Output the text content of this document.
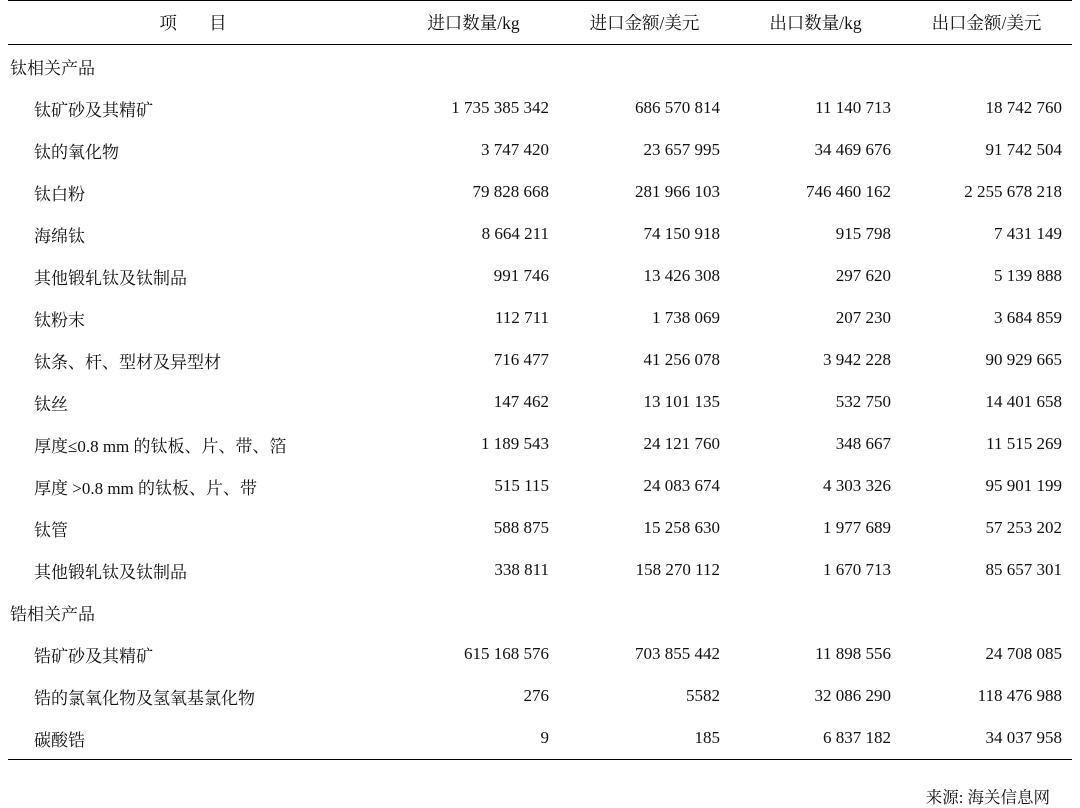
项 目	进口数量/kg	进口金额/美元	出口数量/kg	出口金额/美元
钛相关产品				
钛矿砂及其精矿	1 735 385 342	686 570 814	11 140 713	18 742 760
钛的氧化物	3 747 420	23 657 995	34 469 676	91 742 504
钛白粉	79 828 668	281 966 103	746 460 162	2 255 678 218
海绵钛	8 664 211	74 150 918	915 798	7 431 149
其他锻轧钛及钛制品	991 746	13 426 308	297 620	5 139 888
钛粉末	112 711	1 738 069	207 230	3 684 859
钛条、杆、型材及异型材	716 477	41 256 078	3 942 228	90 929 665
钛丝	147 462	13 101 135	532 750	14 401 658
厚度≤0.8 mm 的钛板、片、带、箔	1 189 543	24 121 760	348 667	11 515 269
厚度 >0.8 mm 的钛板、片、带	515 115	24 083 674	4 303 326	95 901 199
钛管	588 875	15 258 630	1 977 689	57 253 202
其他锻轧钛及钛制品	338 811	158 270 112	1 670 713	85 657 301
锆相关产品				
锆矿砂及其精矿	615 168 576	703 855 442	11 898 556	24 708 085
锆的氯氧化物及氢氧基氯化物	276	5582	32 086 290	118 476 988
碳酸锆	9	185	6 837 182	34 037 958
来源: 海关信息网
